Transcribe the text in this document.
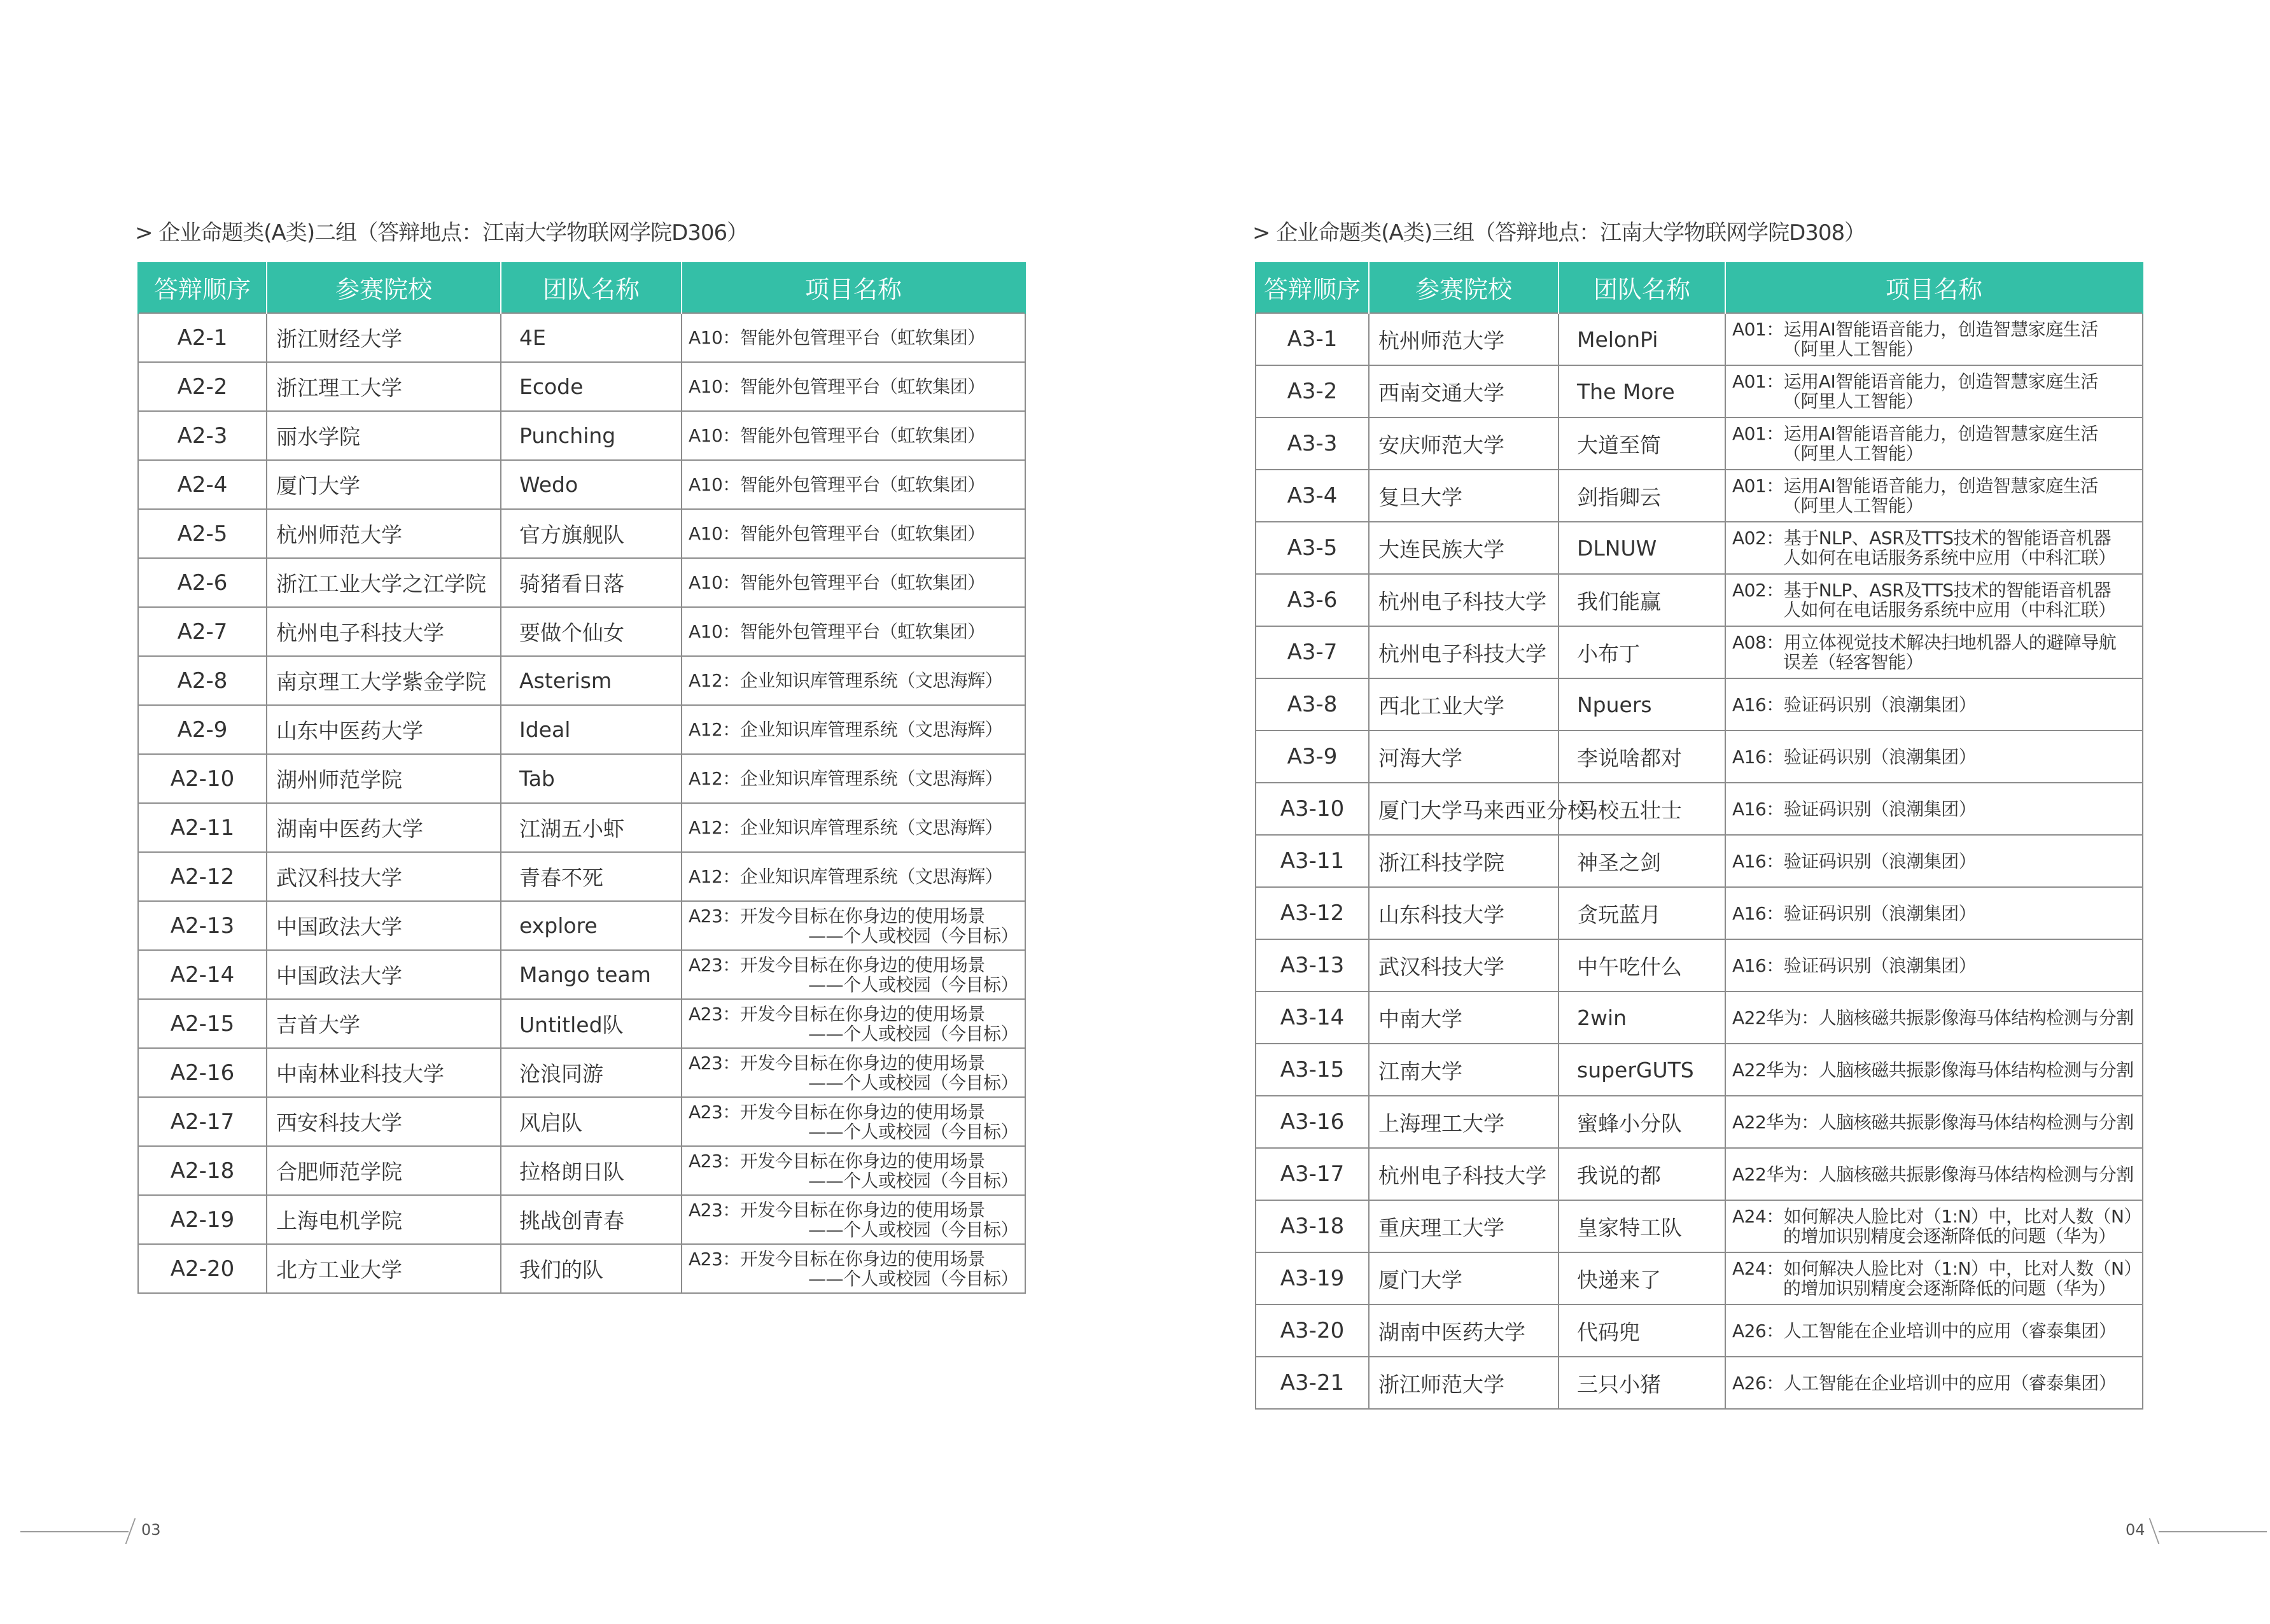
> 企业命题类(A类)二组（答辩地点：江南大学物联网学院D306）
答辩顺序	参赛院校	团队名称	项目名称
A2-1	浙江财经大学	4E	A10：智能外包管理平台（虹软集团）

A2-2	浙江理工大学	Ecode	A10：智能外包管理平台（虹软集团）

A2-3	丽水学院	Punching	A10：智能外包管理平台（虹软集团）

A2-4	厦门大学	Wedo	A10：智能外包管理平台（虹软集团）

A2-5	杭州师范大学	官方旗舰队	A10：智能外包管理平台（虹软集团）

A2-6	浙江工业大学之江学院	骑猪看日落	A10：智能外包管理平台（虹软集团）

A2-7	杭州电子科技大学	要做个仙女	A10：智能外包管理平台（虹软集团）

A2-8	南京理工大学紫金学院	Asterism	A12：企业知识库管理系统（文思海辉）

A2-9	山东中医药大学	Ideal	A12：企业知识库管理系统（文思海辉）

A2-10	湖州师范学院	Tab	A12：企业知识库管理系统（文思海辉）

A2-11	湖南中医药大学	江湖五小虾	A12：企业知识库管理系统（文思海辉）

A2-12	武汉科技大学	青春不死	A12：企业知识库管理系统（文思海辉）

A2-13	中国政法大学	explore	A23：开发今目标在你身边的使用场景
——个人或校园（今目标）

A2-14	中国政法大学	Mango team	A23：开发今目标在你身边的使用场景
——个人或校园（今目标）

A2-15	吉首大学	Untitled队	A23：开发今目标在你身边的使用场景
——个人或校园（今目标）

A2-16	中南林业科技大学	沧浪同游	A23：开发今目标在你身边的使用场景
——个人或校园（今目标）

A2-17	西安科技大学	风启队	A23：开发今目标在你身边的使用场景
——个人或校园（今目标）

A2-18	合肥师范学院	拉格朗日队	A23：开发今目标在你身边的使用场景
——个人或校园（今目标）

A2-19	上海电机学院	挑战创青春	A23：开发今目标在你身边的使用场景
——个人或校园（今目标）

A2-20	北方工业大学	我们的队	A23：开发今目标在你身边的使用场景
——个人或校园（今目标）
> 企业命题类(A类)三组（答辩地点：江南大学物联网学院D308）
答辩顺序	参赛院校	团队名称	项目名称
A3-1	杭州师范大学	MelonPi	A01：运用AI智能语音能力，创造智慧家庭生活
（阿里人工智能）

A3-2	西南交通大学	The More	A01：运用AI智能语音能力，创造智慧家庭生活
（阿里人工智能）

A3-3	安庆师范大学	大道至简	A01：运用AI智能语音能力，创造智慧家庭生活
（阿里人工智能）

A3-4	复旦大学	剑指卿云	A01：运用AI智能语音能力，创造智慧家庭生活
（阿里人工智能）

A3-5	大连民族大学	DLNUW	A02：基于NLP、ASR及TTS技术的智能语音机器
人如何在电话服务系统中应用（中科汇联）

A3-6	杭州电子科技大学	我们能赢	A02：基于NLP、ASR及TTS技术的智能语音机器
人如何在电话服务系统中应用（中科汇联）

A3-7	杭州电子科技大学	小布丁	A08：用立体视觉技术解决扫地机器人的避障导航
误差（轻客智能）

A3-8	西北工业大学	Npuers	A16：验证码识别（浪潮集团）

A3-9	河海大学	李说啥都对	A16：验证码识别（浪潮集团）

A3-10	厦门大学马来西亚分校	马校五壮士	A16：验证码识别（浪潮集团）

A3-11	浙江科技学院	神圣之剑	A16：验证码识别（浪潮集团）

A3-12	山东科技大学	贪玩蓝月	A16：验证码识别（浪潮集团）

A3-13	武汉科技大学	中午吃什么	A16：验证码识别（浪潮集团）

A3-14	中南大学	2win	A22华为：人脑核磁共振影像海马体结构检测与分割

A3-15	江南大学	superGUTS	A22华为：人脑核磁共振影像海马体结构检测与分割

A3-16	上海理工大学	蜜蜂小分队	A22华为：人脑核磁共振影像海马体结构检测与分割

A3-17	杭州电子科技大学	我说的都	A22华为：人脑核磁共振影像海马体结构检测与分割

A3-18	重庆理工大学	皇家特工队	A24：如何解决人脸比对（1:N）中，比对人数（N）
的增加识别精度会逐渐降低的问题（华为）

A3-19	厦门大学	快递来了	A24：如何解决人脸比对（1:N）中，比对人数（N）
的增加识别精度会逐渐降低的问题（华为）

A3-20	湖南中医药大学	代码兜	A26：人工智能在企业培训中的应用（睿泰集团）

A3-21	浙江师范大学	三只小猪	A26：人工智能在企业培训中的应用（睿泰集团）
03	04
